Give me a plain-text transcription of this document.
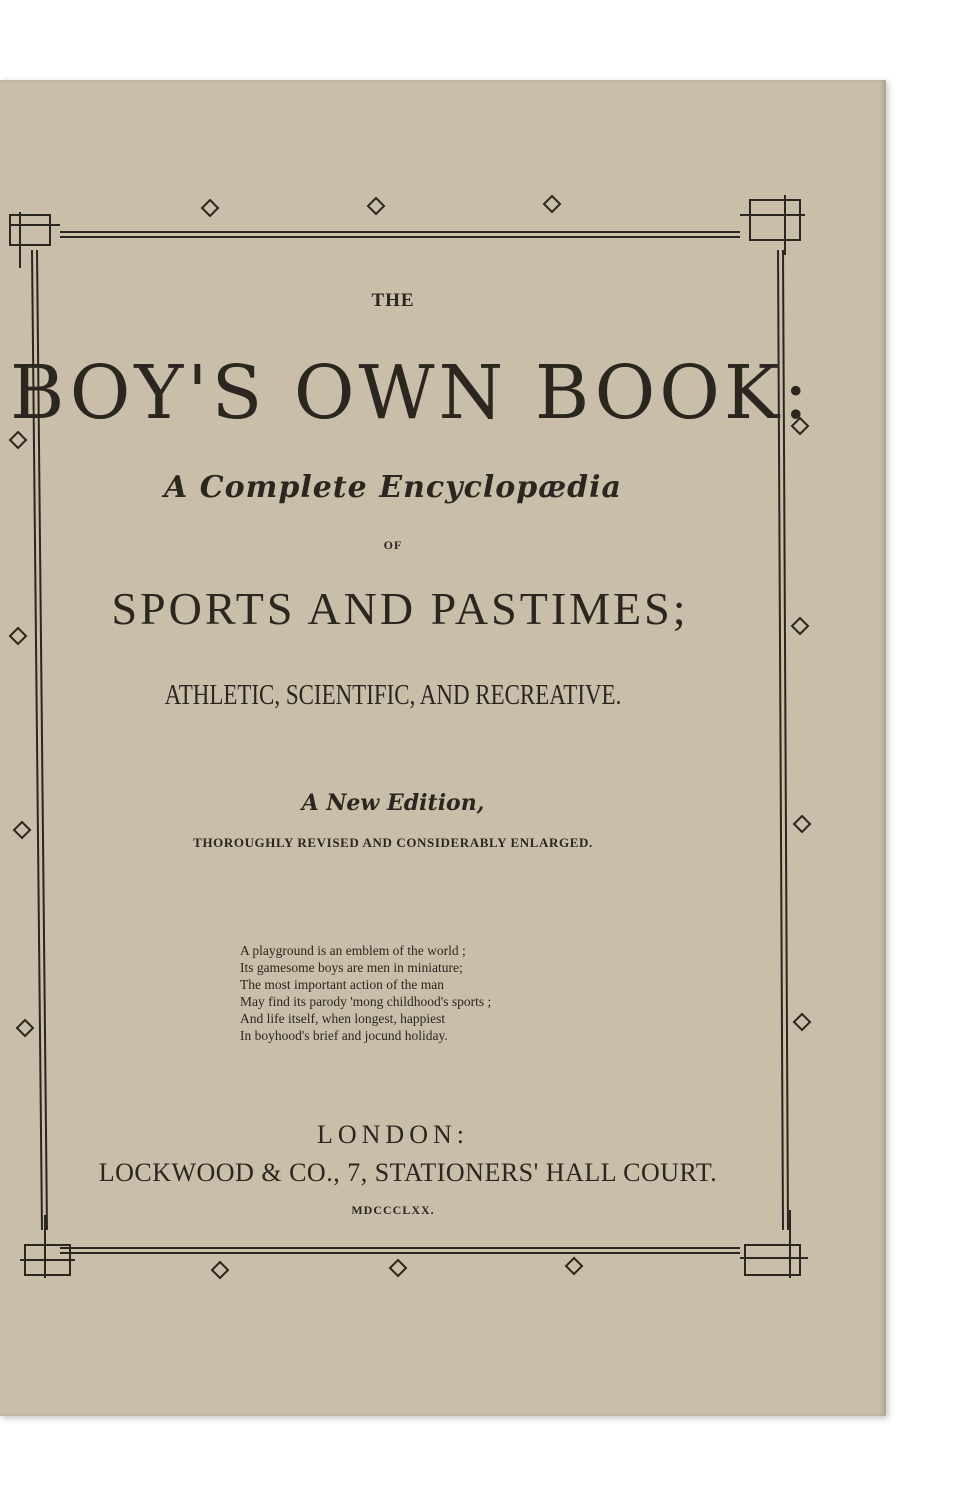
THE
BOY'S OWN BOOK:
A Complete Encyclopædia
OF
SPORTS AND PASTIMES;
ATHLETIC, SCIENTIFIC, AND RECREATIVE.
A New Edition,
THOROUGHLY REVISED AND CONSIDERABLY ENLARGED.
A playground is an emblem of the world ;
Its gamesome boys are men in miniature;
The most important action of the man
May find its parody 'mong childhood's sports ;
And life itself, when longest, happiest
In boyhood's brief and jocund holiday.
LONDON:
LOCKWOOD & CO., 7, STATIONERS' HALL COURT.
MDCCCLXX.
